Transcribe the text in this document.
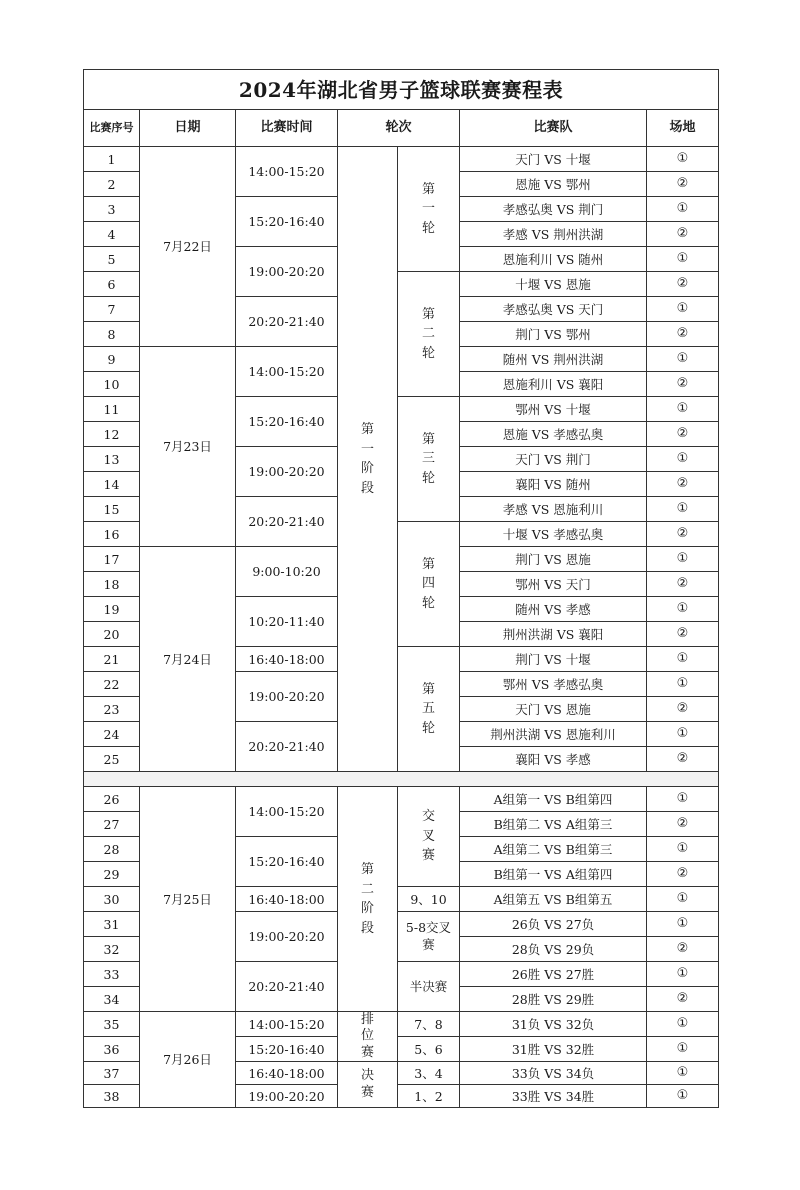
2024年湖北省男子篮球联赛赛程表						
比赛序号	日期	比赛时间	轮次		比赛队	场地
1	7月22日	14:00-15:20	第一阶段	第一轮	天门 VS 十堰	①
2					恩施 VS 鄂州	②
3		15:20-16:40			孝感弘奥 VS 荆门	①
4					孝感 VS 荆州洪湖	②
5		19:00-20:20			恩施利川 VS 随州	①
6				第二轮	十堰 VS 恩施	②
7		20:20-21:40			孝感弘奥 VS 天门	①
8					荆门 VS 鄂州	②
9	7月23日	14:00-15:20			随州 VS 荆州洪湖	①
10					恩施利川 VS 襄阳	②
11		15:20-16:40		第三轮	鄂州 VS 十堰	①
12					恩施 VS 孝感弘奥	②
13		19:00-20:20			天门 VS 荆门	①
14					襄阳 VS 随州	②
15		20:20-21:40			孝感 VS 恩施利川	①
16				第四轮	十堰 VS 孝感弘奥	②
17	7月24日	9:00-10:20			荆门 VS 恩施	①
18					鄂州 VS 天门	②
19		10:20-11:40			随州 VS 孝感	①
20					荆州洪湖 VS 襄阳	②
21		16:40-18:00		第五轮	荆门 VS 十堰	①
22		19:00-20:20			鄂州 VS 孝感弘奥	①
23					天门 VS 恩施	②
24		20:20-21:40			荆州洪湖 VS 恩施利川	①
25					襄阳 VS 孝感	②

26	7月25日	14:00-15:20	第二阶段	交叉赛	A组第一 VS B组第四	①
27					B组第二 VS A组第三	②
28		15:20-16:40			A组第二 VS B组第三	①
29					B组第一 VS A组第四	②
30		16:40-18:00		9、10	A组第五 VS B组第五	①
31		19:00-20:20		5-8交叉赛	26负 VS 27负	①
32					28负 VS 29负	②
33		20:20-21:40		半决赛	26胜 VS 27胜	①
34					28胜 VS 29胜	②
35	7月26日	14:00-15:20	排位赛	7、8	31负 VS 32负	①
36		15:20-16:40		5、6	31胜 VS 32胜	①
37		16:40-18:00	决赛	3、4	33负 VS 34负	①
38		19:00-20:20		1、2	33胜 VS 34胜	①
